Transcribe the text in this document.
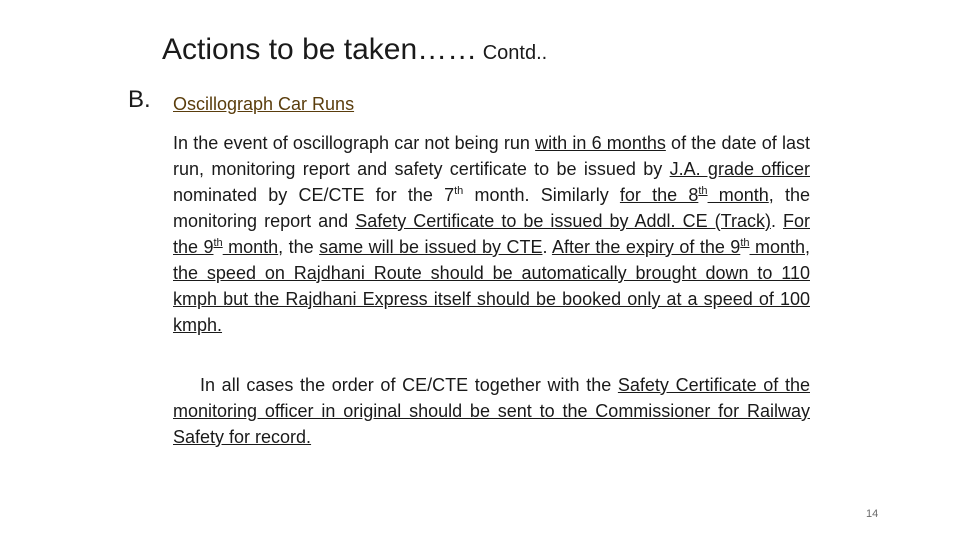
Actions to be taken…… Contd..
B. Oscillograph Car Runs

In the event of oscillograph car not being run with in 6 months of the date of last run, monitoring report and safety certificate to be issued by J.A. grade officer nominated by CE/CTE for the 7th month. Similarly for the 8th month, the monitoring report and Safety Certificate to be issued by Addl. CE (Track). For the 9th month, the same will be issued by CTE. After the expiry of the 9th month, the speed on Rajdhani Route should be automatically brought down to 110 kmph but the Rajdhani Express itself should be booked only at a speed of 100 kmph.

In all cases the order of CE/CTE together with the Safety Certificate of the monitoring officer in original should be sent to the Commissioner for Railway Safety for record.

14
